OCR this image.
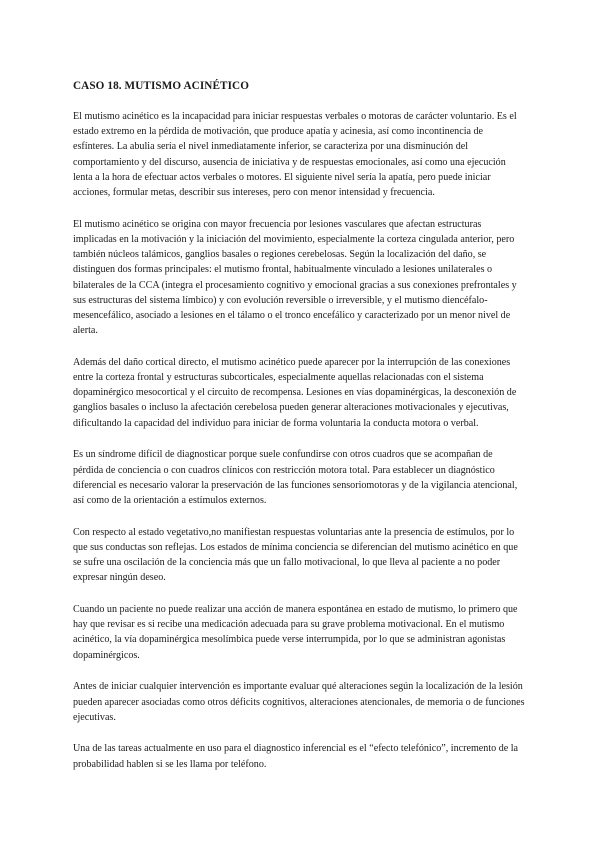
CASO 18. MUTISMO ACINÉTICO

El mutismo acinético es la incapacidad para iniciar respuestas verbales o motoras de carácter voluntario. Es el estado extremo en la pérdida de motivación, que produce apatía y acinesia, así como incontinencia de esfínteres. La abulia sería el nivel inmediatamente inferior, se caracteriza por una disminución del comportamiento y del discurso, ausencia de iniciativa y de respuestas emocionales, así como una ejecución lenta a la hora de efectuar actos verbales o motores. El siguiente nivel sería la apatía, pero puede iniciar acciones, formular metas, describir sus intereses, pero con menor intensidad y frecuencia.

El mutismo acinético se origina con mayor frecuencia por lesiones vasculares que afectan estructuras implicadas en la motivación y la iniciación del movimiento, especialmente la corteza cingulada anterior, pero también núcleos talámicos, ganglios basales o regiones cerebelosas. Según la localización del daño, se distinguen dos formas principales: el mutismo frontal, habitualmente vinculado a lesiones unilaterales o bilaterales de la CCA (integra el procesamiento cognitivo y emocional gracias a sus conexiones prefrontales y sus estructuras del sistema límbico) y con evolución reversible o irreversible, y el mutismo diencéfalo-mesencefálico, asociado a lesiones en el tálamo o el tronco encefálico y caracterizado por un menor nivel de alerta.

Además del daño cortical directo, el mutismo acinético puede aparecer por la interrupción de las conexiones entre la corteza frontal y estructuras subcorticales, especialmente aquellas relacionadas con el sistema dopaminérgico mesocortical y el circuito de recompensa. Lesiones en vías dopaminérgicas, la desconexión de ganglios basales o incluso la afectación cerebelosa pueden generar alteraciones motivacionales y ejecutivas, dificultando la capacidad del individuo para iniciar de forma voluntaria la conducta motora o verbal.

Es un síndrome difícil de diagnosticar porque suele confundirse con otros cuadros que se acompañan de pérdida de conciencia o con cuadros clínicos con restricción motora total. Para establecer un diagnóstico diferencial es necesario valorar la preservación de las funciones sensoriomotoras y de la vigilancia atencional, así como de la orientación a estímulos externos.

Con respecto al estado vegetativo,no manifiestan respuestas voluntarias ante la presencia de estímulos, por lo que sus conductas son reflejas. Los estados de mínima conciencia se diferencian del mutismo acinético en que se sufre una oscilación de la conciencia más que un fallo motivacional, lo que lleva al paciente a no poder expresar ningún deseo.

Cuando un paciente no puede realizar una acción de manera espontánea en estado de mutismo, lo primero que hay que revisar es si recibe una medicación adecuada para su grave problema motivacional. En el mutismo acinético, la vía dopaminérgica mesolímbica puede verse interrumpida, por lo que se administran agonistas dopaminérgicos.

Antes de iniciar cualquier intervención es importante evaluar qué alteraciones según la localización de la lesión pueden aparecer asociadas como otros déficits cognitivos, alteraciones atencionales, de memoria o de funciones ejecutivas.

Una de las tareas actualmente en uso para el diagnostico inferencial es el “efecto telefónico”, incremento de la probabilidad hablen si se les llama por teléfono.
